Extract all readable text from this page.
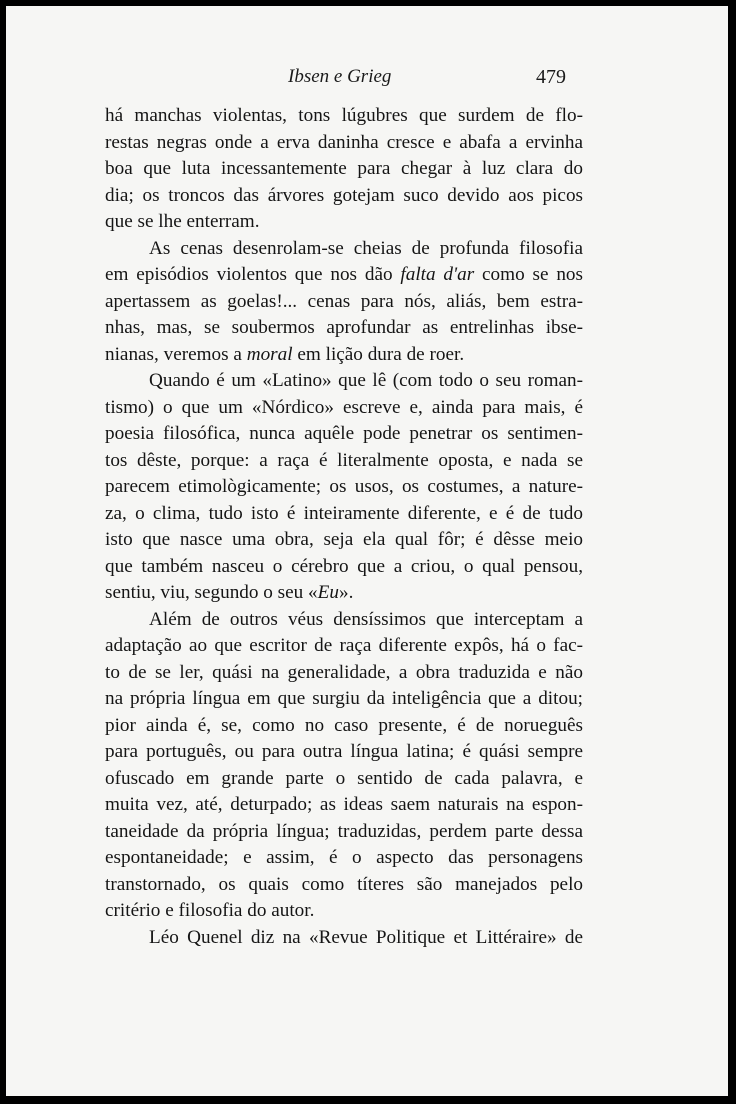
Ibsen e Grieg	479
há manchas violentas, tons lúgubres que surdem de flo-
restas negras onde a erva daninha cresce e abafa a ervinha
boa que luta incessantemente para chegar à luz clara do
dia; os troncos das árvores gotejam suco devido aos picos
que se lhe enterram.
As cenas desenrolam-se cheias de profunda filosofia
em episódios violentos que nos dão falta d'ar como se nos
apertassem as goelas!... cenas para nós, aliás, bem estra-
nhas, mas, se soubermos aprofundar as entrelinhas ibse-
nianas, veremos a moral em lição dura de roer.
Quando é um «Latino» que lê (com todo o seu roman-
tismo) o que um «Nórdico» escreve e, ainda para mais, é
poesia filosófica, nunca aquêle pode penetrar os sentimen-
tos dêste, porque: a raça é literalmente oposta, e nada se
parecem etimològicamente; os usos, os costumes, a nature-
za, o clima, tudo isto é inteiramente diferente, e é de tudo
isto que nasce uma obra, seja ela qual fôr; é dêsse meio
que também nasceu o cérebro que a criou, o qual pensou,
sentiu, viu, segundo o seu «Eu».
Além de outros véus densíssimos que interceptam a
adaptação ao que escritor de raça diferente expôs, há o fac-
to de se ler, quási na generalidade, a obra traduzida e não
na própria língua em que surgiu da inteligência que a ditou;
pior ainda é, se, como no caso presente, é de norueguês
para português, ou para outra língua latina; é quási sempre
ofuscado em grande parte o sentido de cada palavra, e
muita vez, até, deturpado; as ideas saem naturais na espon-
taneidade da própria língua; traduzidas, perdem parte dessa
espontaneidade; e assim, é o aspecto das personagens
transtornado, os quais como títeres são manejados pelo
critério e filosofia do autor.
Léo Quenel diz na «Revue Politique et Littéraire» de
